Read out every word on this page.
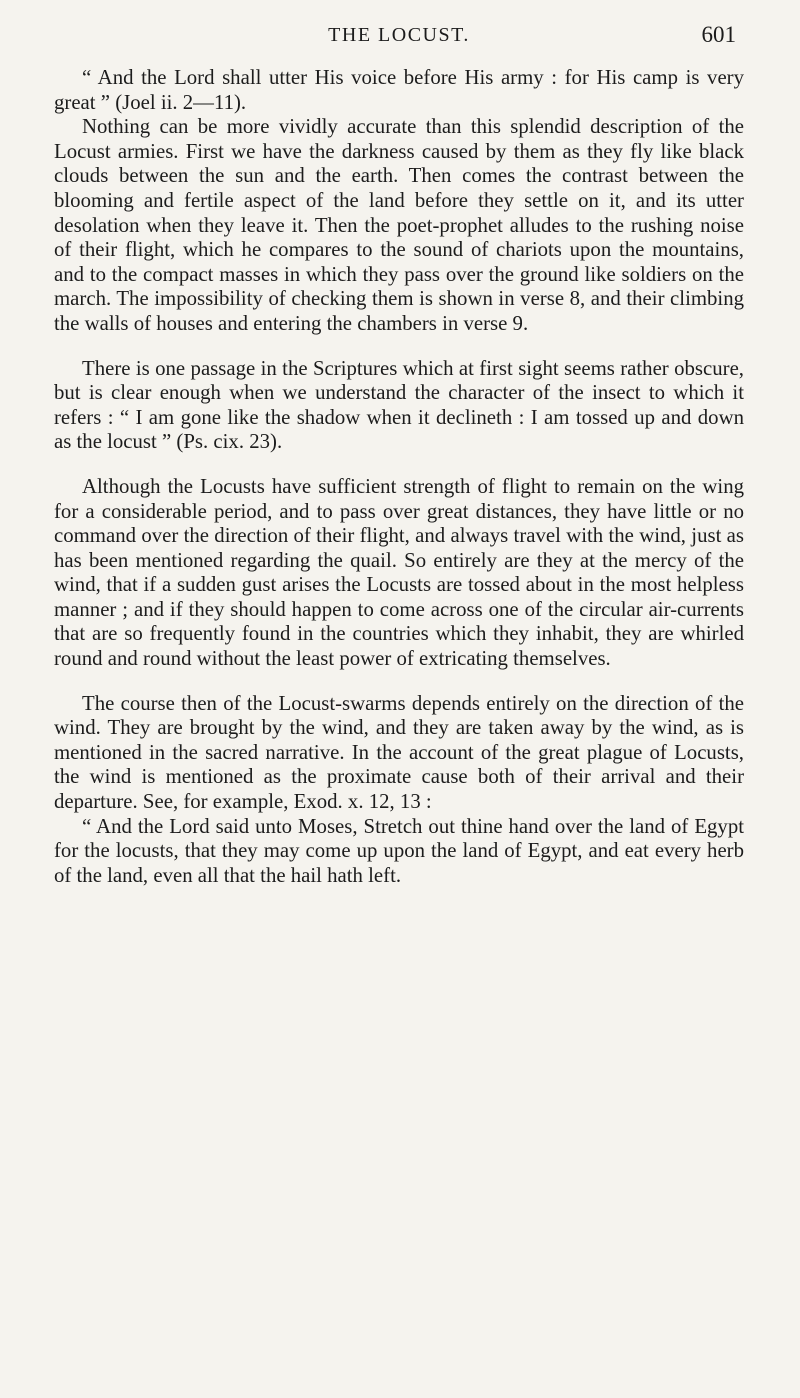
THE LOCUST.	601

“ And the Lord shall utter His voice before His army : for His camp is very great ” (Joel ii. 2—11).

Nothing can be more vividly accurate than this splendid description of the Locust armies. First we have the darkness caused by them as they fly like black clouds between the sun and the earth. Then comes the contrast between the blooming and fertile aspect of the land before they settle on it, and its utter desolation when they leave it. Then the poet-prophet alludes to the rushing noise of their flight, which he compares to the sound of chariots upon the mountains, and to the compact masses in which they pass over the ground like soldiers on the march. The impossibility of checking them is shown in verse 8, and their climbing the walls of houses and entering the chambers in verse 9.

There is one passage in the Scriptures which at first sight seems rather obscure, but is clear enough when we understand the character of the insect to which it refers : “ I am gone like the shadow when it declineth : I am tossed up and down as the locust ” (Ps. cix. 23).

Although the Locusts have sufficient strength of flight to remain on the wing for a considerable period, and to pass over great distances, they have little or no command over the direction of their flight, and always travel with the wind, just as has been mentioned regarding the quail. So entirely are they at the mercy of the wind, that if a sudden gust arises the Locusts are tossed about in the most helpless manner ; and if they should happen to come across one of the circular air-currents that are so frequently found in the countries which they inhabit, they are whirled round and round without the least power of extricating themselves.

The course then of the Locust-swarms depends entirely on the direction of the wind. They are brought by the wind, and they are taken away by the wind, as is mentioned in the sacred narrative. In the account of the great plague of Locusts, the wind is mentioned as the proximate cause both of their arrival and their departure. See, for example, Exod. x. 12, 13 :

“ And the Lord said unto Moses, Stretch out thine hand over the land of Egypt for the locusts, that they may come up upon the land of Egypt, and eat every herb of the land, even all that the hail hath left.
